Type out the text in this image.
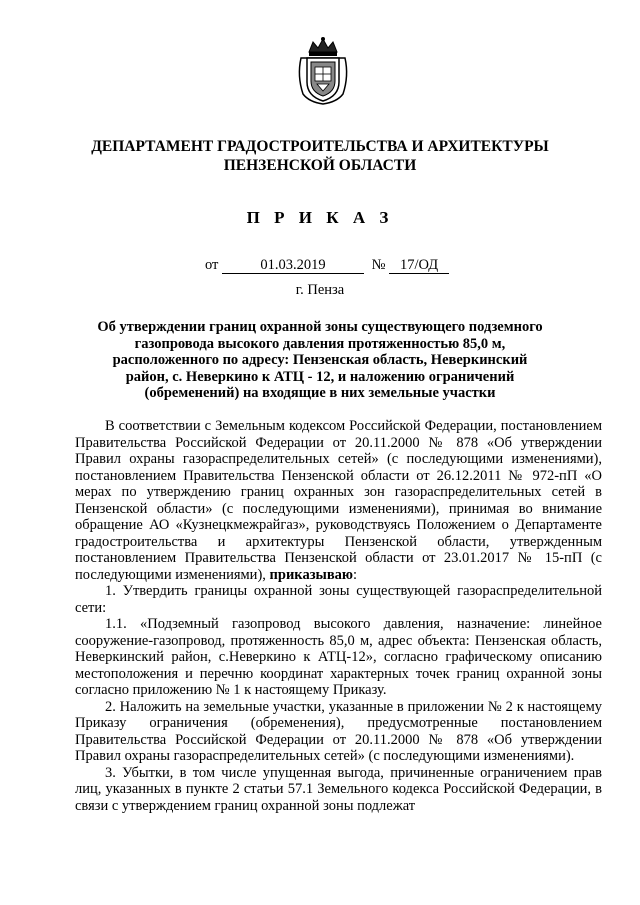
ДЕПАРТАМЕНТ ГРАДОСТРОИТЕЛЬСТВА И АРХИТЕКТУРЫ
ПЕНЗЕНСКОЙ ОБЛАСТИ
П Р И К А З
от	01.03.2019	№ 17/ОД
г. Пенза
Об утверждении границ охранной зоны существующего подземного газопровода высокого давления протяженностью 85,0 м, расположенного по адресу: Пензенская область, Неверкинский район, с. Неверкино к АТЦ - 12, и наложению ограничений (обременений) на входящие в них земельные участки

В соответствии с Земельным кодексом Российской Федерации, постановлением Правительства Российской Федерации от 20.11.2000 № 878 «Об утверждении Правил охраны газораспределительных сетей» (с последующими изменениями), постановлением Правительства Пензенской области от 26.12.2011 № 972-пП «О мерах по утверждению границ охранных зон газораспределительных сетей в Пензенской области» (с последующими изменениями), принимая во внимание обращение АО «Кузнецкмежрайгаз», руководствуясь Положением о Департаменте градостроительства и архитектуры Пензенской области, утвержденным постановлением Правительства Пензенской области от 23.01.2017 № 15-пП (с последующими изменениями), приказываю:

1. Утвердить границы охранной зоны существующей газораспределительной сети:

1.1. «Подземный газопровод высокого давления, назначение: линейное сооружение-газопровод, протяженность 85,0 м, адрес объекта: Пензенская область, Неверкинский район, с.Неверкино к АТЦ-12», согласно графическому описанию местоположения и перечню координат характерных точек границ охранной зоны согласно приложению № 1 к настоящему Приказу.

2. Наложить на земельные участки, указанные в приложении № 2 к настоящему Приказу ограничения (обременения), предусмотренные постановлением Правительства Российской Федерации от 20.11.2000 № 878 «Об утверждении Правил охраны газораспределительных сетей» (с последующими изменениями).

3. Убытки, в том числе упущенная выгода, причиненные ограничением прав лиц, указанных в пункте 2 статьи 57.1 Земельного кодекса Российской Федерации, в связи с утверждением границ охранной зоны подлежат
